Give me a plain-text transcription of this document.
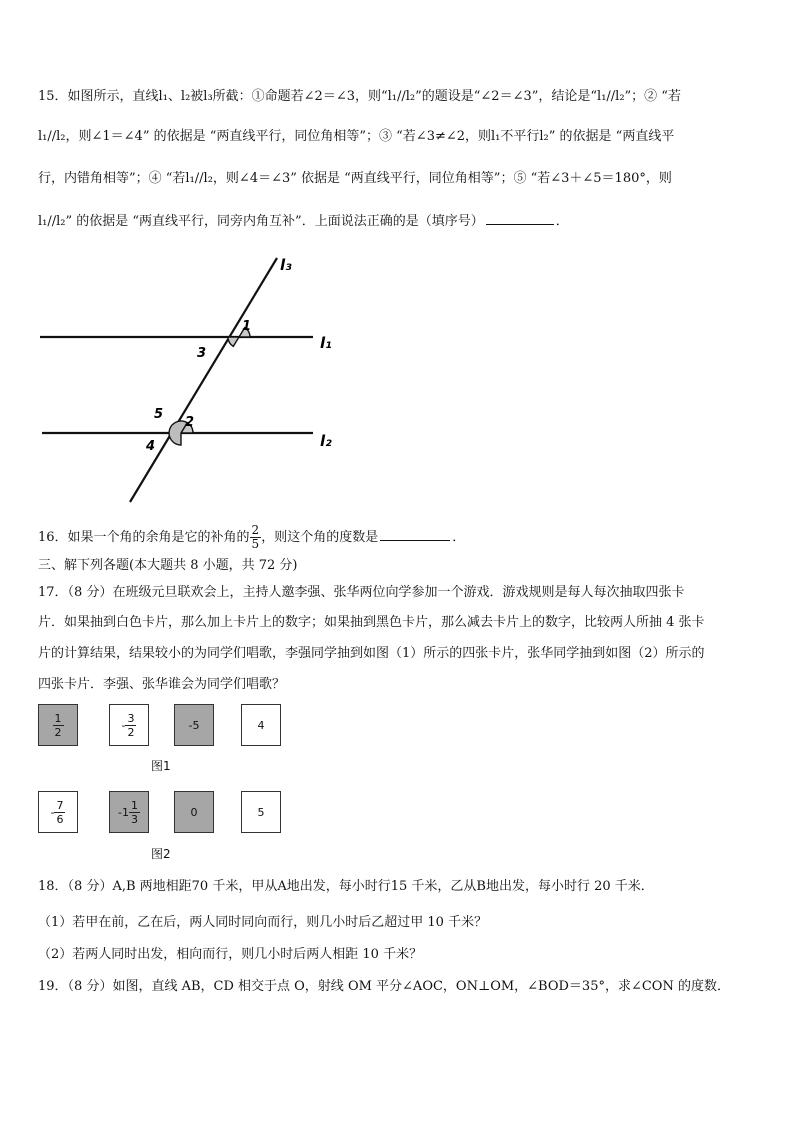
15．如图所示，直线l₁、l₂被l₃所截：①命题若∠2＝∠3，则“l₁//l₂”的题设是“∠2＝∠3”，结论是“l₁//l₂”；② “若
l₁//l₂，则∠1＝∠4” 的依据是 “两直线平行，同位角相等”；③ “若∠3≠∠2，则l₁不平行l₂” 的依据是 “两直线平
行，内错角相等”；④ “若l₁//l₂，则∠4＝∠3” 依据是 “两直线平行，同位角相等”；⑤ “若∠3＋∠5＝180°，则
l₁//l₂” 的依据是 “两直线平行，同旁内角互补”．上面说法正确的是（填序号）	．
l₃
l₁
l₂
1
3
2
5
4
16．如果一个角的余角是它的补角的 $\frac{2}{5}$ ，则这个角的度数是	．
三、解下列各题(本大题共 8 小题，共 72 分)
17．（8 分）在班级元旦联欢会上，主持人邀李强、张华两位向学参加一个游戏．游戏规则是每人每次抽取四张卡
片．如果抽到白色卡片，那么加上卡片上的数字；如果抽到黑色卡片，那么减去卡片上的数字，比较两人所抽 4 张卡
片的计算结果，结果较小的为同学们唱歌，李强同学抽到如图（1）所示的四张卡片，张华同学抽到如图（2）所示的
四张卡片．李强、张华谁会为同学们唱歌？
$\frac{1}{2}$	- $\frac{3}{2}$	-5	4
图1
- $\frac{7}{6}$	$-1 \frac{1}{3}$	0	5
图2
18．（8 分）A,B 两地相距70 千米，甲从A地出发，每小时行15 千米，乙从B地出发，每小时行 20 千米．
（1）若甲在前，乙在后，两人同时同向而行，则几小时后乙超过甲 10 千米？
（2）若两人同时出发，相向而行，则几小时后两人相距 10 千米？
19．（8 分）如图，直线 AB，CD 相交于点 O，射线 OM 平分∠AOC，ON⊥OM，∠BOD＝35°，求∠CON 的度数．
